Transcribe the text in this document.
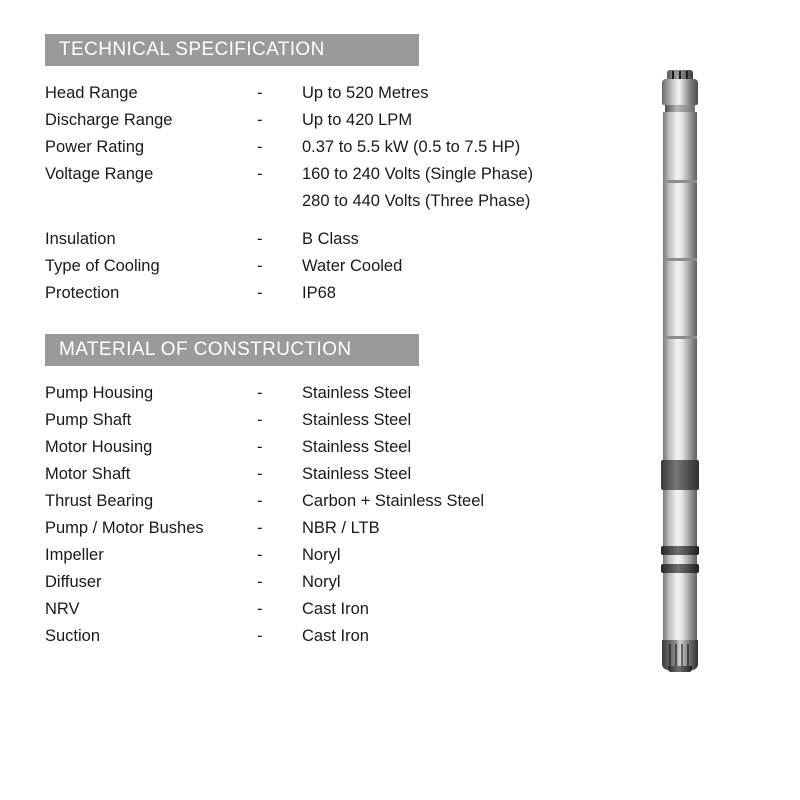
TECHNICAL SPECIFICATION
Head Range	-	Up to 520 Metres
Discharge Range	-	Up to 420 LPM
Power Rating	-	0.37 to 5.5 kW (0.5 to 7.5 HP)
Voltage Range	-	160 to 240 Volts (Single Phase)
		280 to 440 Volts (Three Phase)

Insulation	-	B Class
Type of Cooling	-	Water Cooled
Protection	-	IP68
MATERIAL OF CONSTRUCTION
Pump Housing	-	Stainless Steel
Pump Shaft	-	Stainless Steel
Motor Housing	-	Stainless Steel
Motor Shaft	-	Stainless Steel
Thrust Bearing	-	Carbon + Stainless Steel
Pump / Motor Bushes	-	NBR / LTB
Impeller	-	Noryl
Diffuser	-	Noryl
NRV	-	Cast Iron
Suction	-	Cast Iron
